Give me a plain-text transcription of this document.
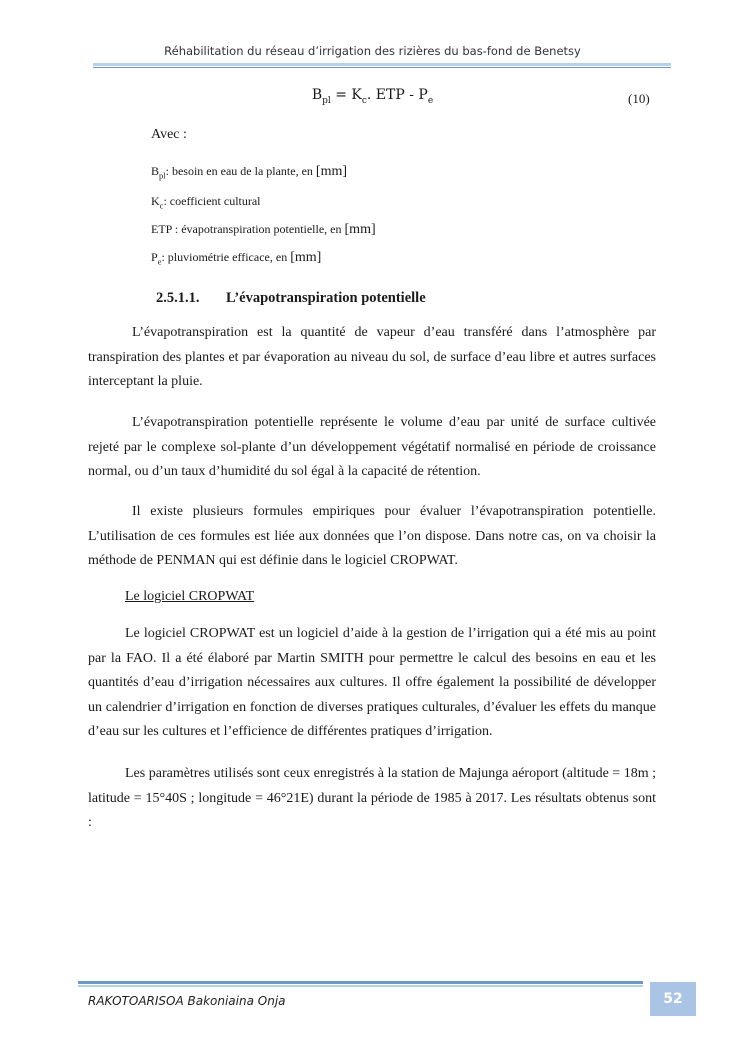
Réhabilitation du réseau d’irrigation des rizières du bas-fond de Benetsy
$B_{pl} = K_c$. ETP - $P_e$	(10)
Avec :
$B_{pl}$: besoin en eau de la plante, en [mm]
$K_c$: coefficient cultural
ETP : évapotranspiration potentielle, en [mm]
$P_e$: pluviométrie efficace, en [mm]
2.5.1.1. L’évapotranspiration potentielle

L’évapotranspiration est la quantité de vapeur d’eau transféré dans l’atmosphère par transpiration des plantes et par évaporation au niveau du sol, de surface d’eau libre et autres surfaces interceptant la pluie.

L’évapotranspiration potentielle représente le volume d’eau par unité de surface cultivée rejeté par le complexe sol-plante d’un développement végétatif normalisé en période de croissance normal, ou d’un taux d’humidité du sol égal à la capacité de rétention.

Il existe plusieurs formules empiriques pour évaluer l’évapotranspiration potentielle. L’utilisation de ces formules est liée aux données que l’on dispose. Dans notre cas, on va choisir la méthode de PENMAN qui est définie dans le logiciel CROPWAT.

Le logiciel CROPWAT

Le logiciel CROPWAT est un logiciel d’aide à la gestion de l’irrigation qui a été mis au point par la FAO. Il a été élaboré par Martin SMITH pour permettre le calcul des besoins en eau et les quantités d’eau d’irrigation nécessaires aux cultures. Il offre également la possibilité de développer un calendrier d’irrigation en fonction de diverses pratiques culturales, d’évaluer les effets du manque d’eau sur les cultures et l’efficience de différentes pratiques d’irrigation.

Les paramètres utilisés sont ceux enregistrés à la station de Majunga aéroport (altitude = 18m ; latitude = 15°40S ; longitude = 46°21E) durant la période de 1985 à 2017. Les résultats obtenus sont :

RAKOTOARISOA Bakoniaina Onja	52
